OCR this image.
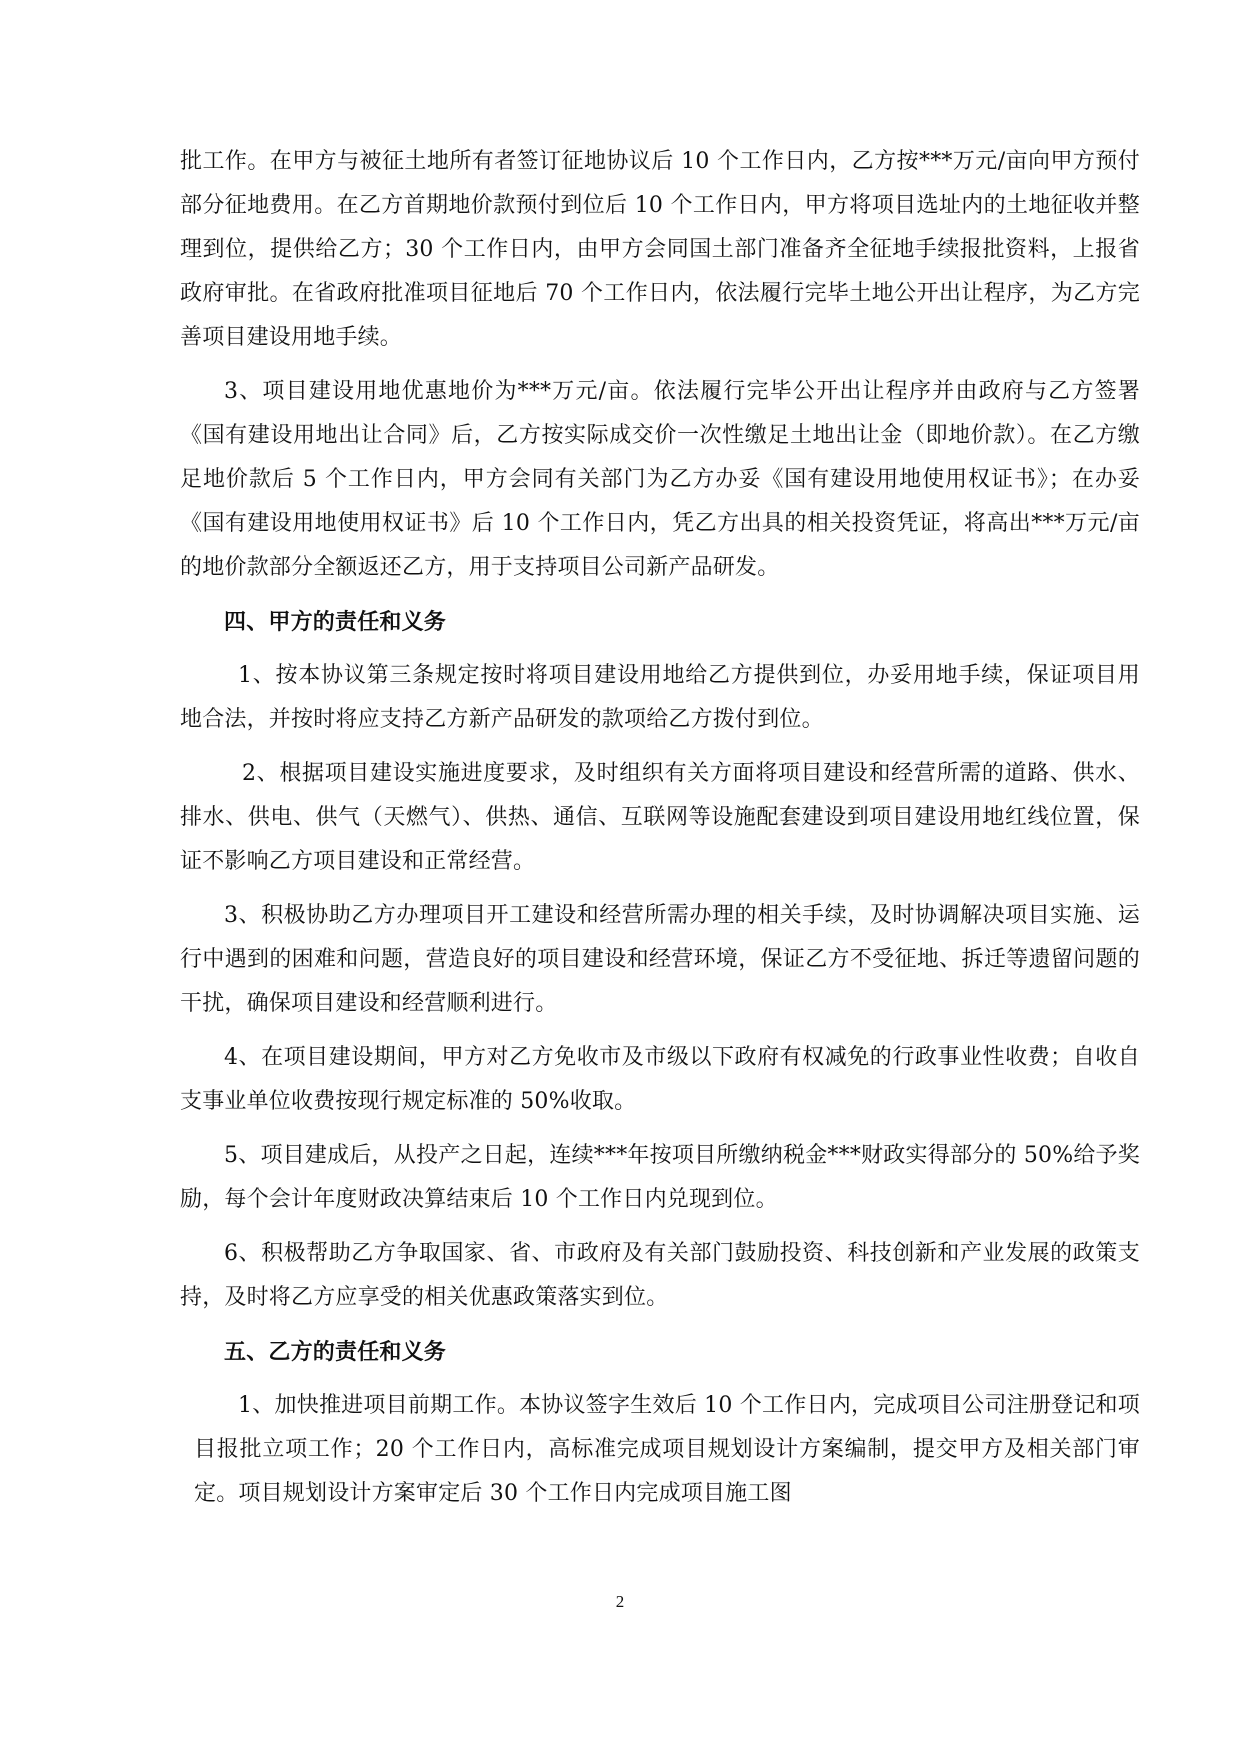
批工作。在甲方与被征土地所有者签订征地协议后 10 个工作日内，乙方按***万元/亩向甲方预付部分征地费用。在乙方首期地价款预付到位后 10 个工作日内，甲方将项目选址内的土地征收并整理到位，提供给乙方；30 个工作日内，由甲方会同国土部门准备齐全征地手续报批资料，上报省政府审批。在省政府批准项目征地后 70 个工作日内，依法履行完毕土地公开出让程序，为乙方完善项目建设用地手续。

3、项目建设用地优惠地价为***万元/亩。依法履行完毕公开出让程序并由政府与乙方签署《国有建设用地出让合同》后，乙方按实际成交价一次性缴足土地出让金（即地价款）。在乙方缴足地价款后 5 个工作日内，甲方会同有关部门为乙方办妥《国有建设用地使用权证书》；在办妥《国有建设用地使用权证书》后 10 个工作日内，凭乙方出具的相关投资凭证，将高出***万元/亩的地价款部分全额返还乙方，用于支持项目公司新产品研发。

四、甲方的责任和义务

1、按本协议第三条规定按时将项目建设用地给乙方提供到位，办妥用地手续，保证项目用地合法，并按时将应支持乙方新产品研发的款项给乙方拨付到位。

2、根据项目建设实施进度要求，及时组织有关方面将项目建设和经营所需的道路、供水、排水、供电、供气（天燃气）、供热、通信、互联网等设施配套建设到项目建设用地红线位置，保证不影响乙方项目建设和正常经营。

3、积极协助乙方办理项目开工建设和经营所需办理的相关手续，及时协调解决项目实施、运行中遇到的困难和问题，营造良好的项目建设和经营环境，保证乙方不受征地、拆迁等遗留问题的干扰，确保项目建设和经营顺利进行。

4、在项目建设期间，甲方对乙方免收市及市级以下政府有权减免的行政事业性收费；自收自支事业单位收费按现行规定标准的 50%收取。

5、项目建成后，从投产之日起，连续***年按项目所缴纳税金***财政实得部分的 50%给予奖励，每个会计年度财政决算结束后 10 个工作日内兑现到位。

6、积极帮助乙方争取国家、省、市政府及有关部门鼓励投资、科技创新和产业发展的政策支持，及时将乙方应享受的相关优惠政策落实到位。

五、乙方的责任和义务

1、加快推进项目前期工作。本协议签字生效后 10 个工作日内，完成项目公司注册登记和项目报批立项工作；20 个工作日内，高标准完成项目规划设计方案编制，提交甲方及相关部门审定。项目规划设计方案审定后 30 个工作日内完成项目施工图

2
